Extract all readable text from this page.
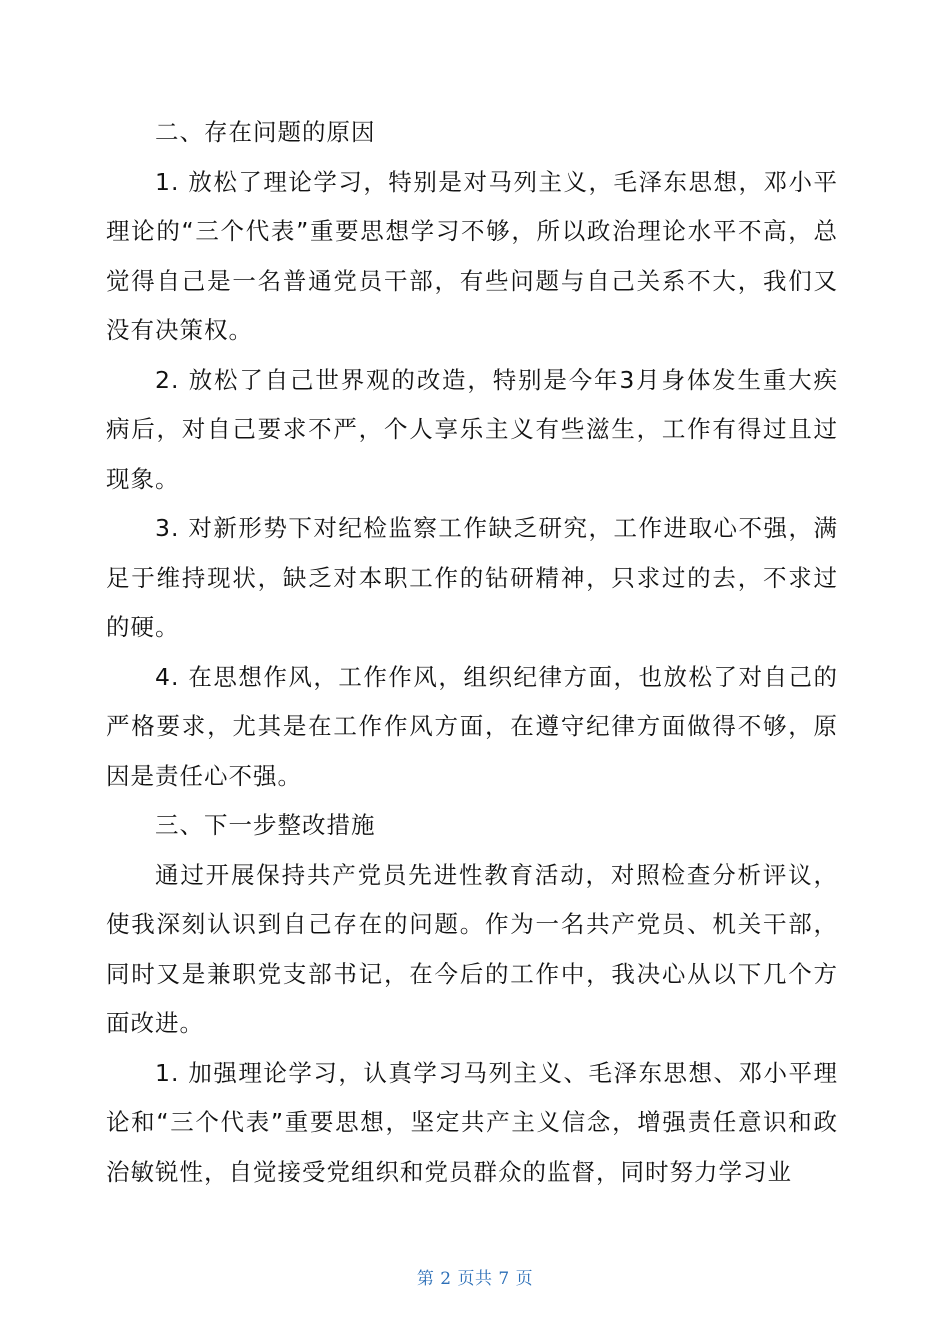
二、存在问题的原因

1. 放松了理论学习，特别是对马列主义，毛泽东思想，邓小平理论的“三个代表”重要思想学习不够，所以政治理论水平不高，总觉得自己是一名普通党员干部，有些问题与自己关系不大，我们又没有决策权。

2. 放松了自己世界观的改造，特别是今年3月身体发生重大疾病后，对自己要求不严，个人享乐主义有些滋生，工作有得过且过现象。

3. 对新形势下对纪检监察工作缺乏研究，工作进取心不强，满足于维持现状，缺乏对本职工作的钻研精神，只求过的去，不求过的硬。

4. 在思想作风，工作作风，组织纪律方面，也放松了对自己的严格要求，尤其是在工作作风方面，在遵守纪律方面做得不够，原因是责任心不强。

三、下一步整改措施

通过开展保持共产党员先进性教育活动，对照检查分析评议，使我深刻认识到自己存在的问题。作为一名共产党员、机关干部，同时又是兼职党支部书记，在今后的工作中，我决心从以下几个方面改进。

1. 加强理论学习，认真学习马列主义、毛泽东思想、邓小平理论和“三个代表”重要思想，坚定共产主义信念，增强责任意识和政治敏锐性，自觉接受党组织和党员群众的监督，同时努力学习业

第 2 页共 7 页
